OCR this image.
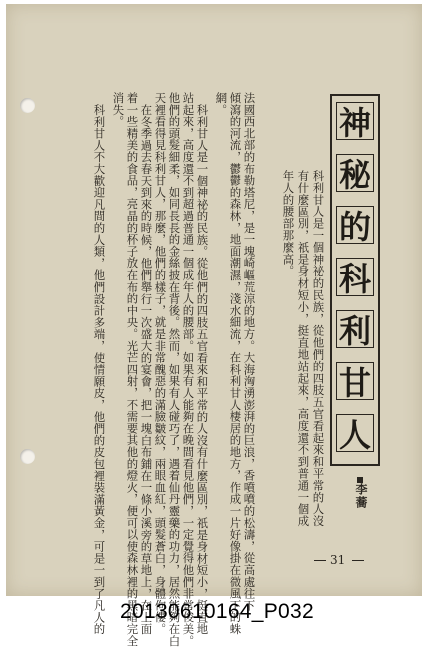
神
秘
的
科
利
甘
人
李蕎
科利甘人是一個神祕的民族，從他們的四肢五官看起來和平常的人沒
有什麼區別，祇是身材短小，挺直地站起來，高度還不到普通一個成
年人的腰部那麼高。
法國西北部的布勒塔尼，是一塊崎嶇荒涼的地方。大海洶湧澎湃的巨浪，香噴噴的松濤，從高處往下
傾瀉的河流，鬱鬱的森林，地面潮濕，淺水細流，在科利甘人棲居的地方，作成一片好像掛在微風下的蛛
網。
科利甘人是一個神祕的民族。從他們的四肢五官看來和平常的人沒有什麼區別，祇是身材短小，挺直地
站起來，高度還不到超過普通一個成年人的腰部。如果有人能夠在晚間看見他們，一定覺得他們非常俊美。
他們的頭髮細柔，如同長長的金絲披在背後。然而，如果有人碰巧了，遇着仙丹靈藥的功力，居然能夠在白
天裡看得見科利甘人，那麼，他們的樣子，就是非常醜惡的滿臉皺紋，兩眼血紅，頭髮蒼白，身體佝僂。
在冬季過去春天到來的時候，他們舉行一次盛大的宴會，把一塊白布鋪在一條小溪旁的草地上，在上面
着一些精美的食品，亮晶的杯子放在布的中央。光芒四射，不需要其他的燈火，便可以使森林裡的黑暗完全
消失。
科利甘人不大歡迎凡間的人類，他們設計多端，使情願皮，他們的皮包裡裝滿黃金，可是一到了凡人的	31
20130610164_P032
